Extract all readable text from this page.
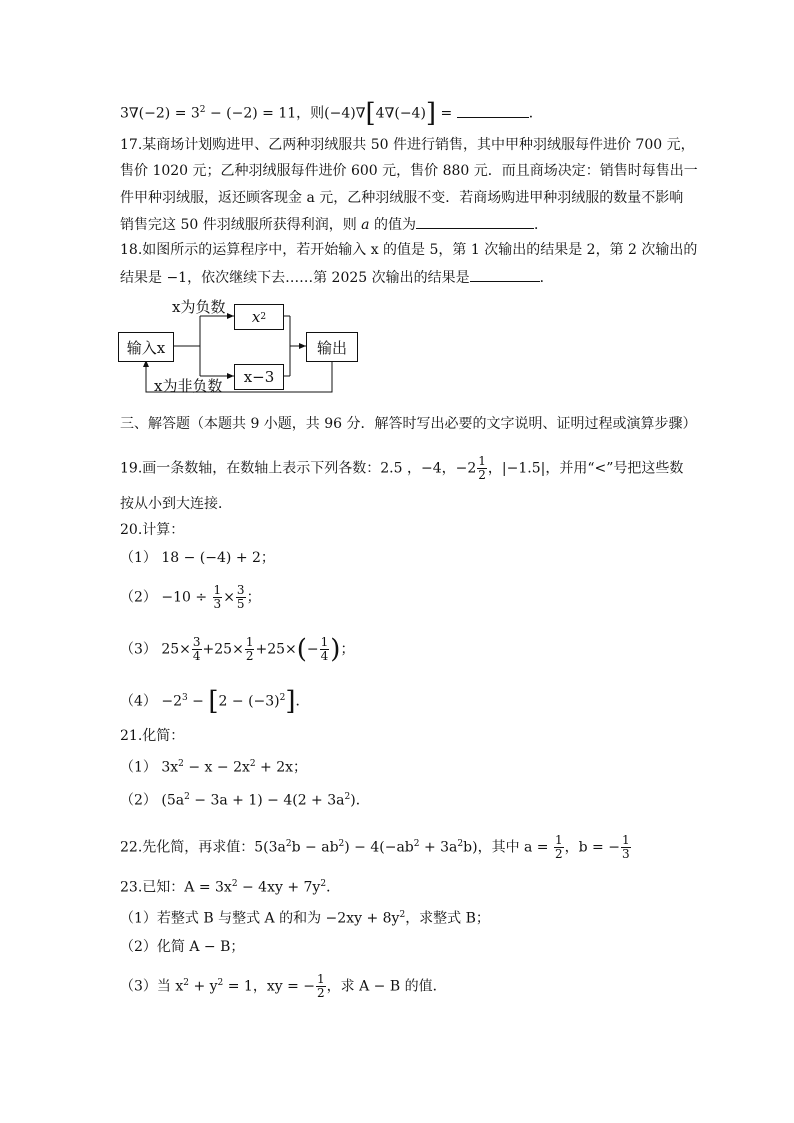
$3\nabla(-2) = 3^2 - (-2) = 11$，则(−4)∇[4∇(−4)] =	．
17.某商场计划购进甲、乙两种羽绒服共 50 件进行销售，其中甲种羽绒服每件进价 700 元，
售价 1020 元；乙种羽绒服每件进价 600 元，售价 880 元．而且商场决定：销售时每售出一
件甲种羽绒服，返还顾客现金 a 元，乙种羽绒服不变．若商场购进甲种羽绒服的数量不影响
销售完这 50 件羽绒服所获得利润，则 a 的值为	．
18.如图所示的运算程序中，若开始输入 x 的值是 5，第 1 次输出的结果是 2，第 2 次输出的
结果是 −1，依次继续下去……第 2025 次输出的结果是	．
输入x
x为负数
x为非负数
x 2
x−3
输出
三、解答题（本题共 9 小题，共 96 分．解答时写出必要的文字说明、证明过程或演算步骤）
19.画一条数轴，在数轴上表示下列各数：2.5 ，−4，$-2 \frac{1}{2}$ ，|−1.5|，并用“<”号把这些数
按从小到大连接．
20.计算：
（1） 18 − (−4) + 2；
$(2) -10 \div \frac{1}{3} \times \frac{3}{5}$ ；
（3） $25\times \frac{3}{4} +25\times \frac{1}{2} +25\times(- \frac{1}{4}$ )；
$(4) -2^3 - [2 - (-3)^2]$．
21.化简：
（1） $3x^2 - x - 2x^2 + 2x$；
（2） $(5a^2 - 3a + 1) - 4(2 + 3a^2)$．
22.先化简，再求值：$5(3a^2b - ab^2) - 4(-ab^2 + 3a^2b)$，其中 $a = \frac{1}{2}$ ，b = − $\frac{1}{3}$
23.已知：$A = 3x^2 - 4xy + 7y^2$．
（1）若整式 B 与整式 A 的和为 $-2xy + 8y^2$，求整式 B；
（2）化简 A − B；
（3）当 $x^2 + y^2 = 1$，xy = − $\frac{1}{2}$ ，求 A − B 的值．
